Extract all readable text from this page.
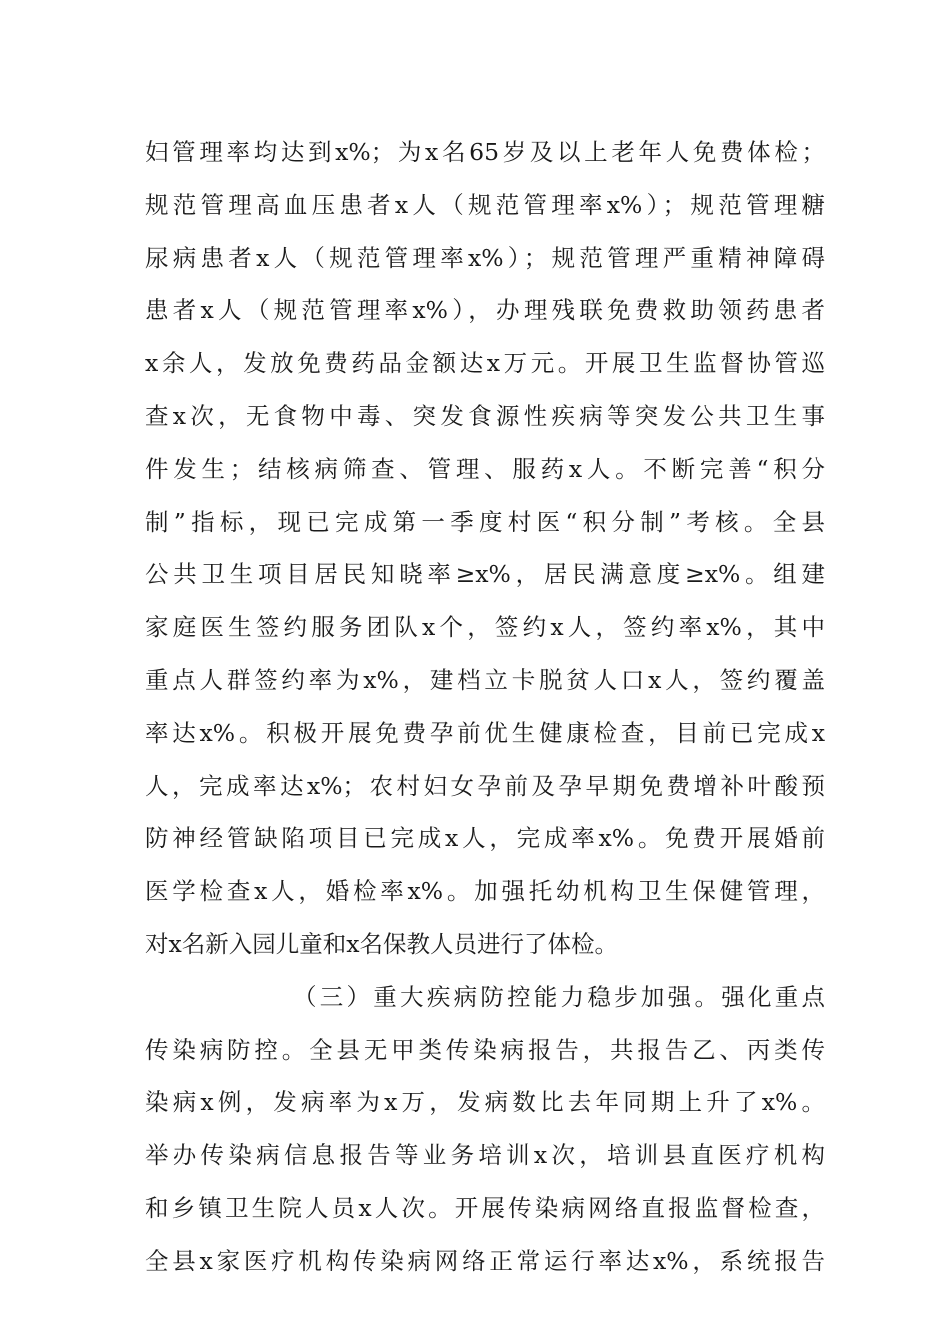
妇管理率均达到x%；为x名65岁及以上老年人免费体检；
规范管理高血压患者x人（规范管理率x%）；规范管理糖
尿病患者x人（规范管理率x%）；规范管理严重精神障碍
患者x人（规范管理率x%），办理残联免费救助领药患者
x余人，发放免费药品金额达x万元。开展卫生监督协管巡
查x次，无食物中毒、突发食源性疾病等突发公共卫生事
件发生；结核病筛查、管理、服药x人。不断完善“积分
制”指标，现已完成第一季度村医“积分制”考核。全县
公共卫生项目居民知晓率≥x%，居民满意度≥x%。组建
家庭医生签约服务团队x个，签约x人，签约率x%，其中
重点人群签约率为x%，建档立卡脱贫人口x人，签约覆盖
率达x%。积极开展免费孕前优生健康检查，目前已完成x
人，完成率达x%；农村妇女孕前及孕早期免费增补叶酸预
防神经管缺陷项目已完成x人，完成率x%。免费开展婚前
医学检查x人，婚检率x%。加强托幼机构卫生保健管理，
对x名新入园儿童和x名保教人员进行了体检。
（三）重大疾病防控能力稳步加强。强化重点
传染病防控。全县无甲类传染病报告，共报告乙、丙类传
染病x例，发病率为x万，发病数比去年同期上升了x%。
举办传染病信息报告等业务培训x次，培训县直医疗机构
和乡镇卫生院人员x人次。开展传染病网络直报监督检查，
全县x家医疗机构传染病网络正常运行率达x%，系统报告
